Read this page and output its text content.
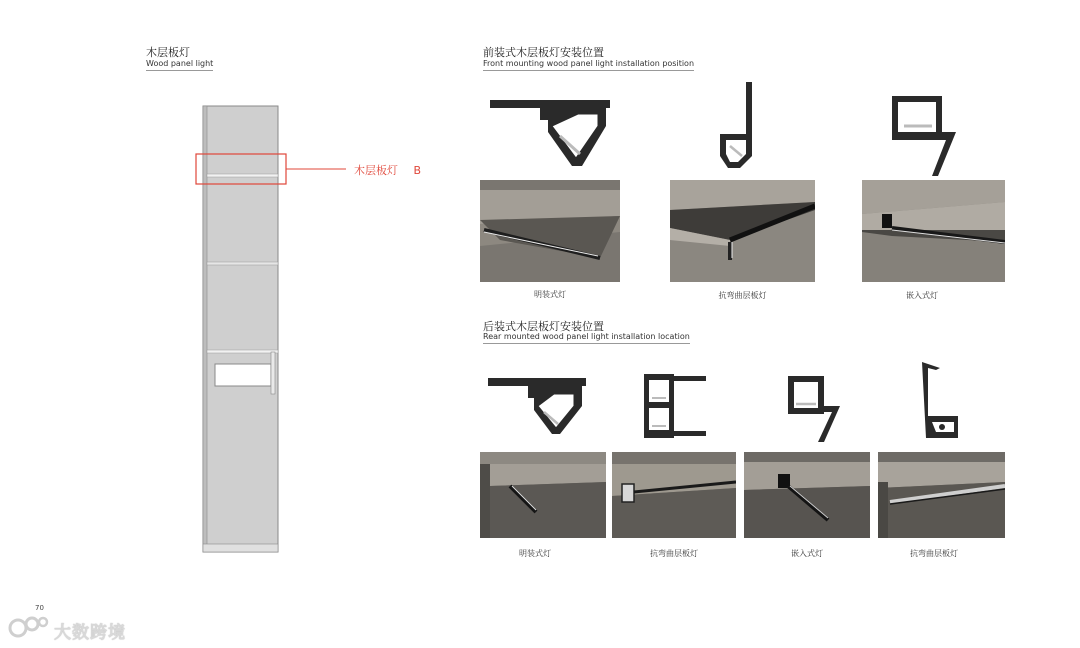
木层板灯
Wood panel light
木层板灯 B
前装式木层板灯安装位置
Front mounting wood panel light installation position
明装式灯	抗弯曲层板灯	嵌入式灯
后装式木层板灯安装位置
Rear mounted wood panel light installation location
明装式灯	抗弯曲层板灯	嵌入式灯	抗弯曲层板灯
70
大数跨境
